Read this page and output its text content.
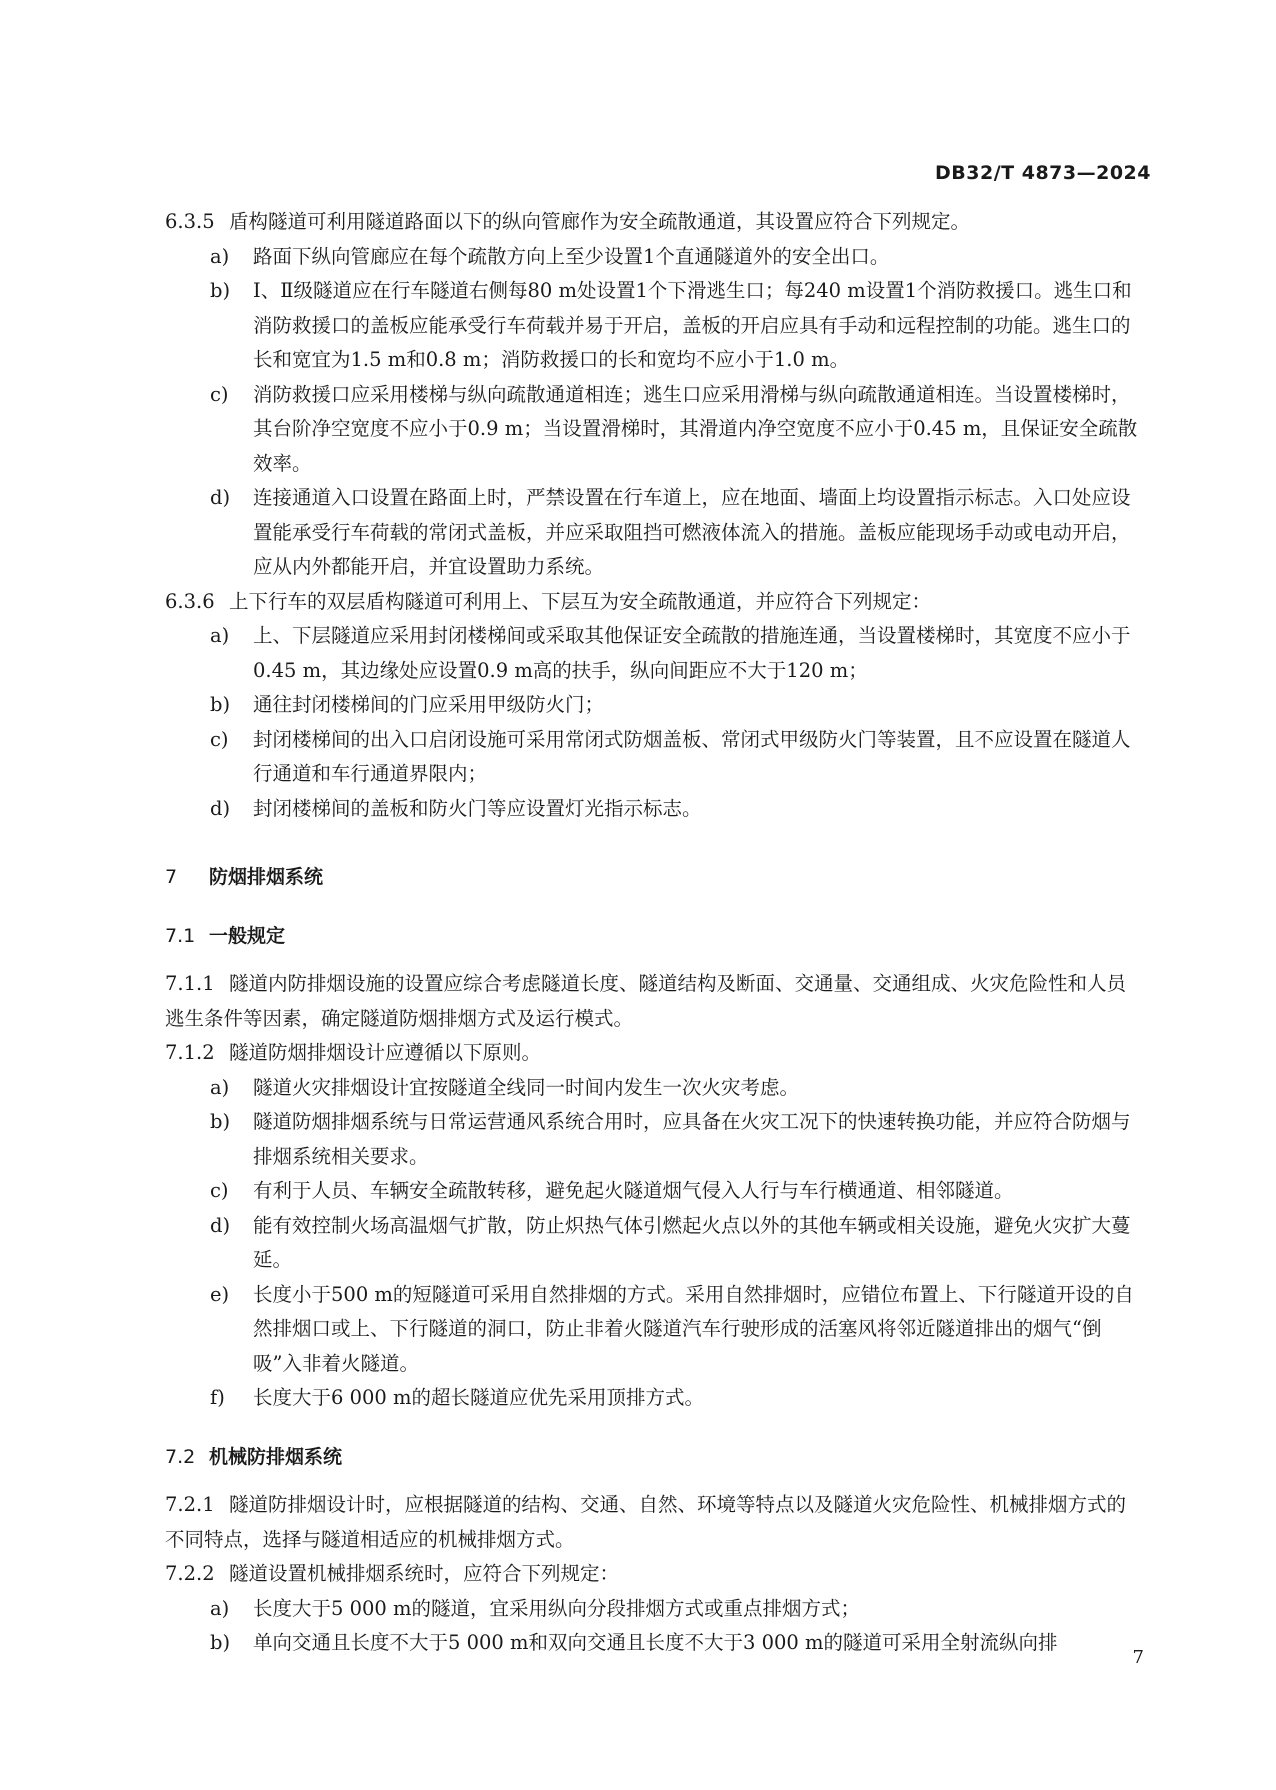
DB32/T 4873—2024

6.3.5 盾构隧道可利用隧道路面以下的纵向管廊作为安全疏散通道，其设置应符合下列规定。

a) 路面下纵向管廊应在每个疏散方向上至少设置1个直通隧道外的安全出口。

b) Ⅰ、Ⅱ级隧道应在行车隧道右侧每80 m处设置1个下滑逃生口；每240 m设置1个消防救援口。逃生口和消防救援口的盖板应能承受行车荷载并易于开启，盖板的开启应具有手动和远程控制的功能。逃生口的长和宽宜为1.5 m和0.8 m；消防救援口的长和宽均不应小于1.0 m。

c) 消防救援口应采用楼梯与纵向疏散通道相连；逃生口应采用滑梯与纵向疏散通道相连。当设置楼梯时，其台阶净空宽度不应小于0.9 m；当设置滑梯时，其滑道内净空宽度不应小于0.45 m，且保证安全疏散效率。

d) 连接通道入口设置在路面上时，严禁设置在行车道上，应在地面、墙面上均设置指示标志。入口处应设置能承受行车荷载的常闭式盖板，并应采取阻挡可燃液体流入的措施。盖板应能现场手动或电动开启，应从内外都能开启，并宜设置助力系统。

6.3.6 上下行车的双层盾构隧道可利用上、下层互为安全疏散通道，并应符合下列规定：

a) 上、下层隧道应采用封闭楼梯间或采取其他保证安全疏散的措施连通，当设置楼梯时，其宽度不应小于0.45 m，其边缘处应设置0.9 m高的扶手，纵向间距应不大于120 m；

b) 通往封闭楼梯间的门应采用甲级防火门；

c) 封闭楼梯间的出入口启闭设施可采用常闭式防烟盖板、常闭式甲级防火门等装置，且不应设置在隧道人行通道和车行通道界限内；

d) 封闭楼梯间的盖板和防火门等应设置灯光指示标志。

7 防烟排烟系统
7.1 一般规定

7.1.1 隧道内防排烟设施的设置应综合考虑隧道长度、隧道结构及断面、交通量、交通组成、火灾危险性和人员逃生条件等因素，确定隧道防烟排烟方式及运行模式。

7.1.2 隧道防烟排烟设计应遵循以下原则。

a) 隧道火灾排烟设计宜按隧道全线同一时间内发生一次火灾考虑。

b) 隧道防烟排烟系统与日常运营通风系统合用时，应具备在火灾工况下的快速转换功能，并应符合防烟与排烟系统相关要求。

c) 有利于人员、车辆安全疏散转移，避免起火隧道烟气侵入人行与车行横通道、相邻隧道。

d) 能有效控制火场高温烟气扩散，防止炽热气体引燃起火点以外的其他车辆或相关设施，避免火灾扩大蔓延。

e) 长度小于500 m的短隧道可采用自然排烟的方式。采用自然排烟时，应错位布置上、下行隧道开设的自然排烟口或上、下行隧道的洞口，防止非着火隧道汽车行驶形成的活塞风将邻近隧道排出的烟气“倒吸”入非着火隧道。

f) 长度大于6 000 m的超长隧道应优先采用顶排方式。

7.2 机械防排烟系统

7.2.1 隧道防排烟设计时，应根据隧道的结构、交通、自然、环境等特点以及隧道火灾危险性、机械排烟方式的不同特点，选择与隧道相适应的机械排烟方式。

7.2.2 隧道设置机械排烟系统时，应符合下列规定：

a) 长度大于5 000 m的隧道，宜采用纵向分段排烟方式或重点排烟方式；

b) 单向交通且长度不大于5 000 m和双向交通且长度不大于3 000 m的隧道可采用全射流纵向排

7
